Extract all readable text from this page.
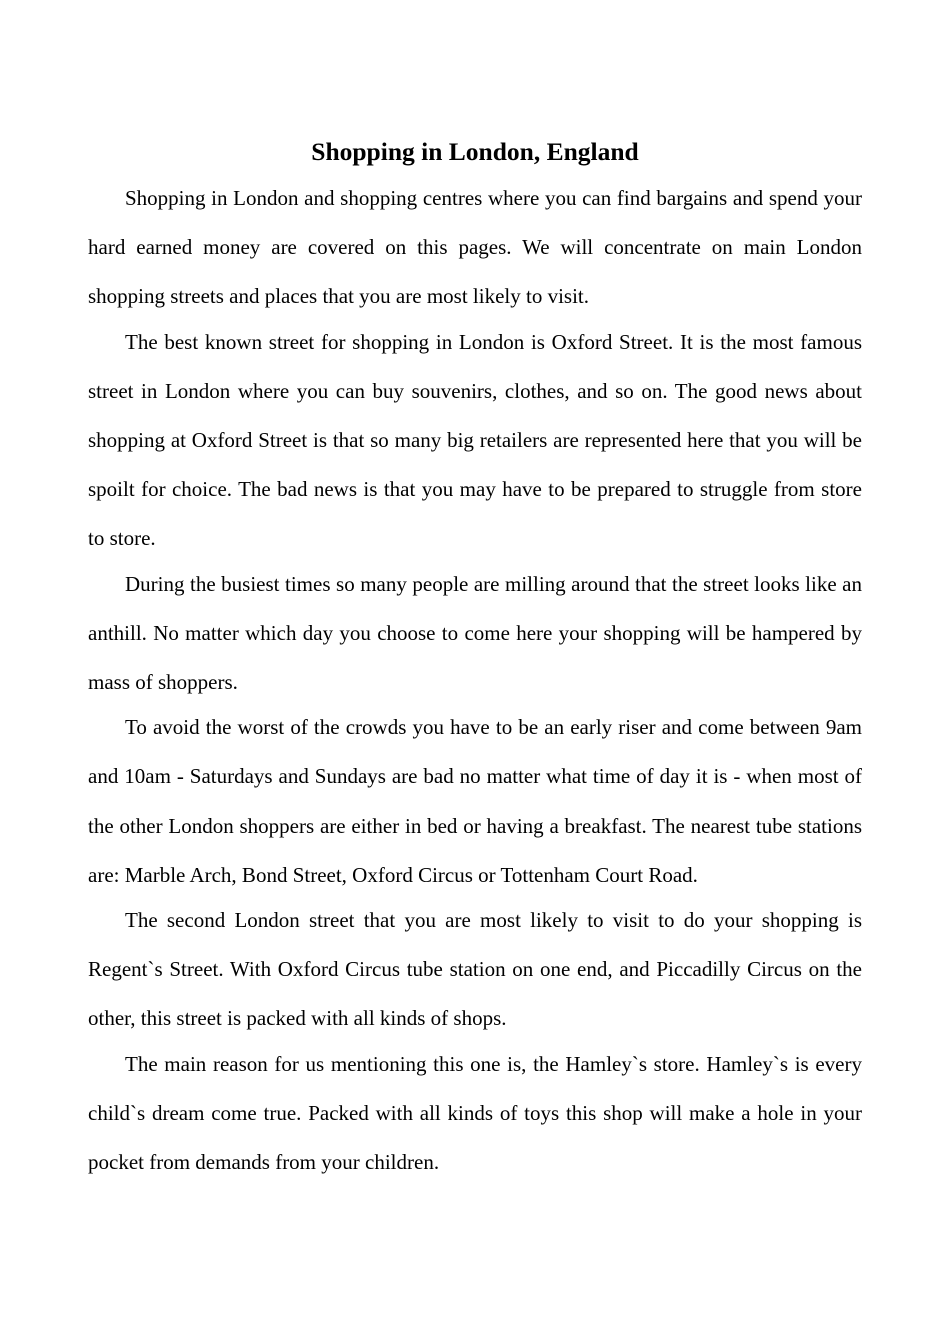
Shopping in London, England

Shopping in London and shopping centres where you can find bargains and spend your hard earned money are covered on this pages. We will concentrate on main London shopping streets and places that you are most likely to visit.

The best known street for shopping in London is Oxford Street. It is the most famous street in London where you can buy souvenirs, clothes, and so on. The good news about shopping at Oxford Street is that so many big retailers are represented here that you will be spoilt for choice. The bad news is that you may have to be prepared to struggle from store to store.

During the busiest times so many people are milling around that the street looks like an anthill. No matter which day you choose to come here your shopping will be hampered by mass of shoppers.

To avoid the worst of the crowds you have to be an early riser and come between 9am and 10am - Saturdays and Sundays are bad no matter what time of day it is - when most of the other London shoppers are either in bed or having a breakfast. The nearest tube stations are: Marble Arch, Bond Street, Oxford Circus or Tottenham Court Road.

The second London street that you are most likely to visit to do your shopping is Regent`s Street. With Oxford Circus tube station on one end, and Piccadilly Circus on the other, this street is packed with all kinds of shops.

The main reason for us mentioning this one is, the Hamley`s store. Hamley`s is every child`s dream come true. Packed with all kinds of toys this shop will make a hole in your pocket from demands from your children.
